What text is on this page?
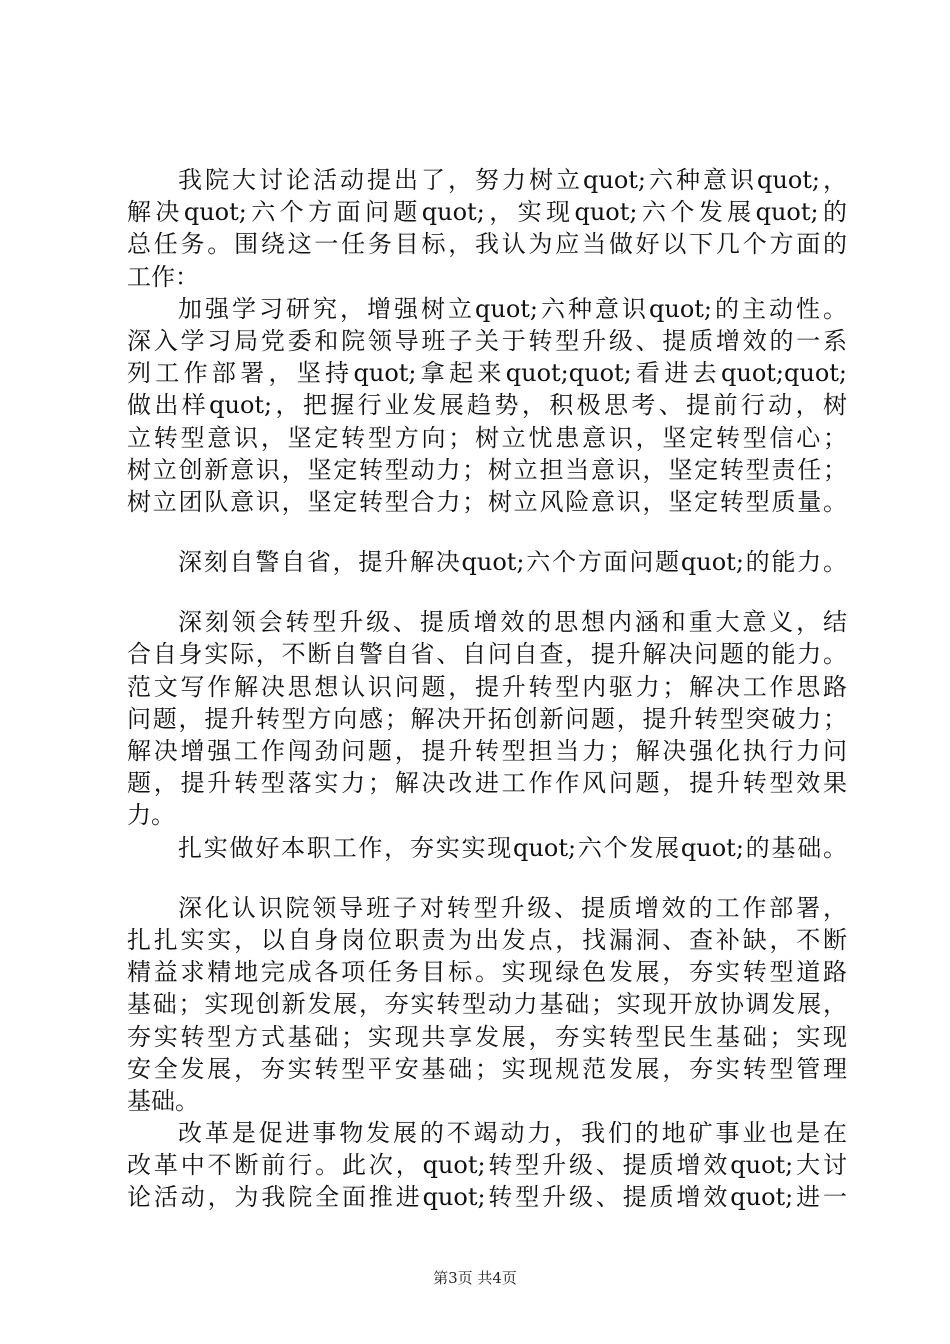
我院大讨论活动提出了，努力树立quot;六种意识quot;，
解决quot;六个方面问题quot;，实现quot;六个发展quot;的
总任务。围绕这一任务目标，我认为应当做好以下几个方面的
工作：
加强学习研究，增强树立quot;六种意识quot;的主动性。
深入学习局党委和院领导班子关于转型升级、提质增效的一系
列工作部署，坚持quot;拿起来quot;quot;看进去quot;quot;
做出样quot;，把握行业发展趋势，积极思考、提前行动，树
立转型意识，坚定转型方向；树立忧患意识，坚定转型信心；
树立创新意识，坚定转型动力；树立担当意识，坚定转型责任；
树立团队意识，坚定转型合力；树立风险意识，坚定转型质量。
深刻自警自省，提升解决quot;六个方面问题quot;的能力。
深刻领会转型升级、提质增效的思想内涵和重大意义，结
合自身实际，不断自警自省、自问自查，提升解决问题的能力。
范文写作解决思想认识问题，提升转型内驱力；解决工作思路
问题，提升转型方向感；解决开拓创新问题，提升转型突破力；
解决增强工作闯劲问题，提升转型担当力；解决强化执行力问
题，提升转型落实力；解决改进工作作风问题，提升转型效果
力。
扎实做好本职工作，夯实实现quot;六个发展quot;的基础。
深化认识院领导班子对转型升级、提质增效的工作部署，
扎扎实实，以自身岗位职责为出发点，找漏洞、查补缺，不断
精益求精地完成各项任务目标。实现绿色发展，夯实转型道路
基础；实现创新发展，夯实转型动力基础；实现开放协调发展，
夯实转型方式基础；实现共享发展，夯实转型民生基础；实现
安全发展，夯实转型平安基础；实现规范发展，夯实转型管理
基础。
改革是促进事物发展的不竭动力，我们的地矿事业也是在
改革中不断前行。此次，quot;转型升级、提质增效quot;大讨
论活动，为我院全面推进quot;转型升级、提质增效quot;进一
第3页 共4页
